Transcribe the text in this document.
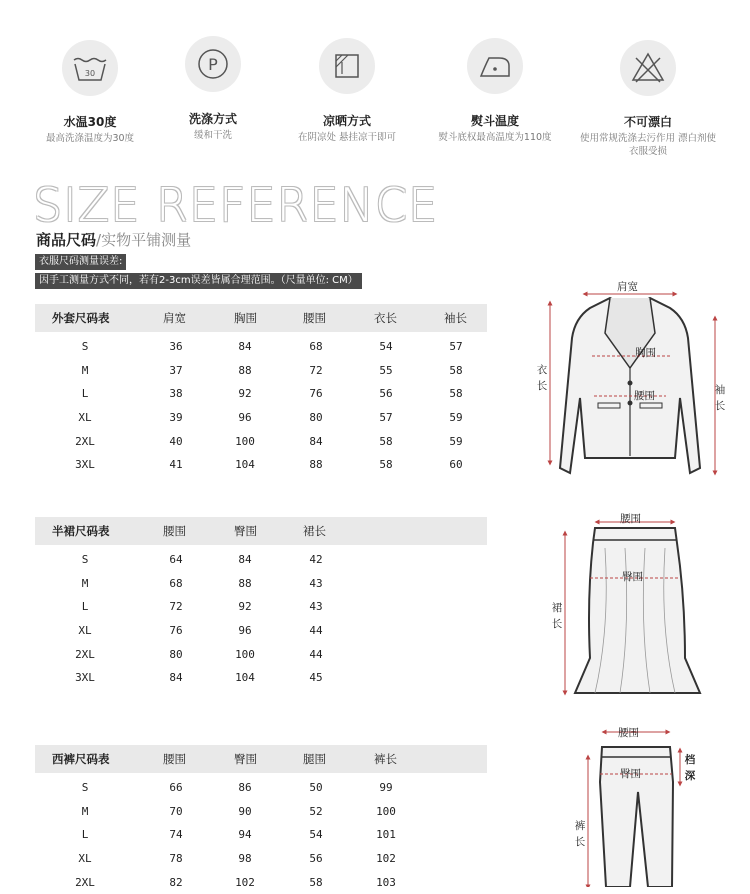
30
水温30度
最高洗涤温度为30度
P
洗涤方式
缓和干洗
凉晒方式
在阴凉处 悬挂凉干即可
熨斗温度
熨斗底权最高温度为110度
不可漂白
使用常规洗涤去污作用 漂白剂使衣服受损
SIZE REFERENCE
商品尺码/实物平铺测量
衣服尺码测量误差:
因手工测量方式不同，若有2-3cm误差皆属合理范围。（尺量单位: CM）
外套尺码表	肩宽	胸围	腰围	衣长	袖长
S	36	84	68	54	57
M	37	88	72	55	58
L	38	92	76	56	58
XL	39	96	80	57	59
2XL	40	100	84	58	59
3XL	41	104	88	58	60
半裙尺码表	腰围	臀围	裙长
S	64	84	42
M	68	88	43
L	72	92	43
XL	76	96	44
2XL	80	100	44
3XL	84	104	45
西裤尺码表	腰围	臀围	腿围	裤长
S	66	86	50	99
M	70	90	52	100
L	74	94	54	101
XL	78	98	56	102
2XL	82	102	58	103
肩宽
胸围
腰围
衣长	袖长
腰围
臀围
裙长
腰围
臀围
档深
裤长
